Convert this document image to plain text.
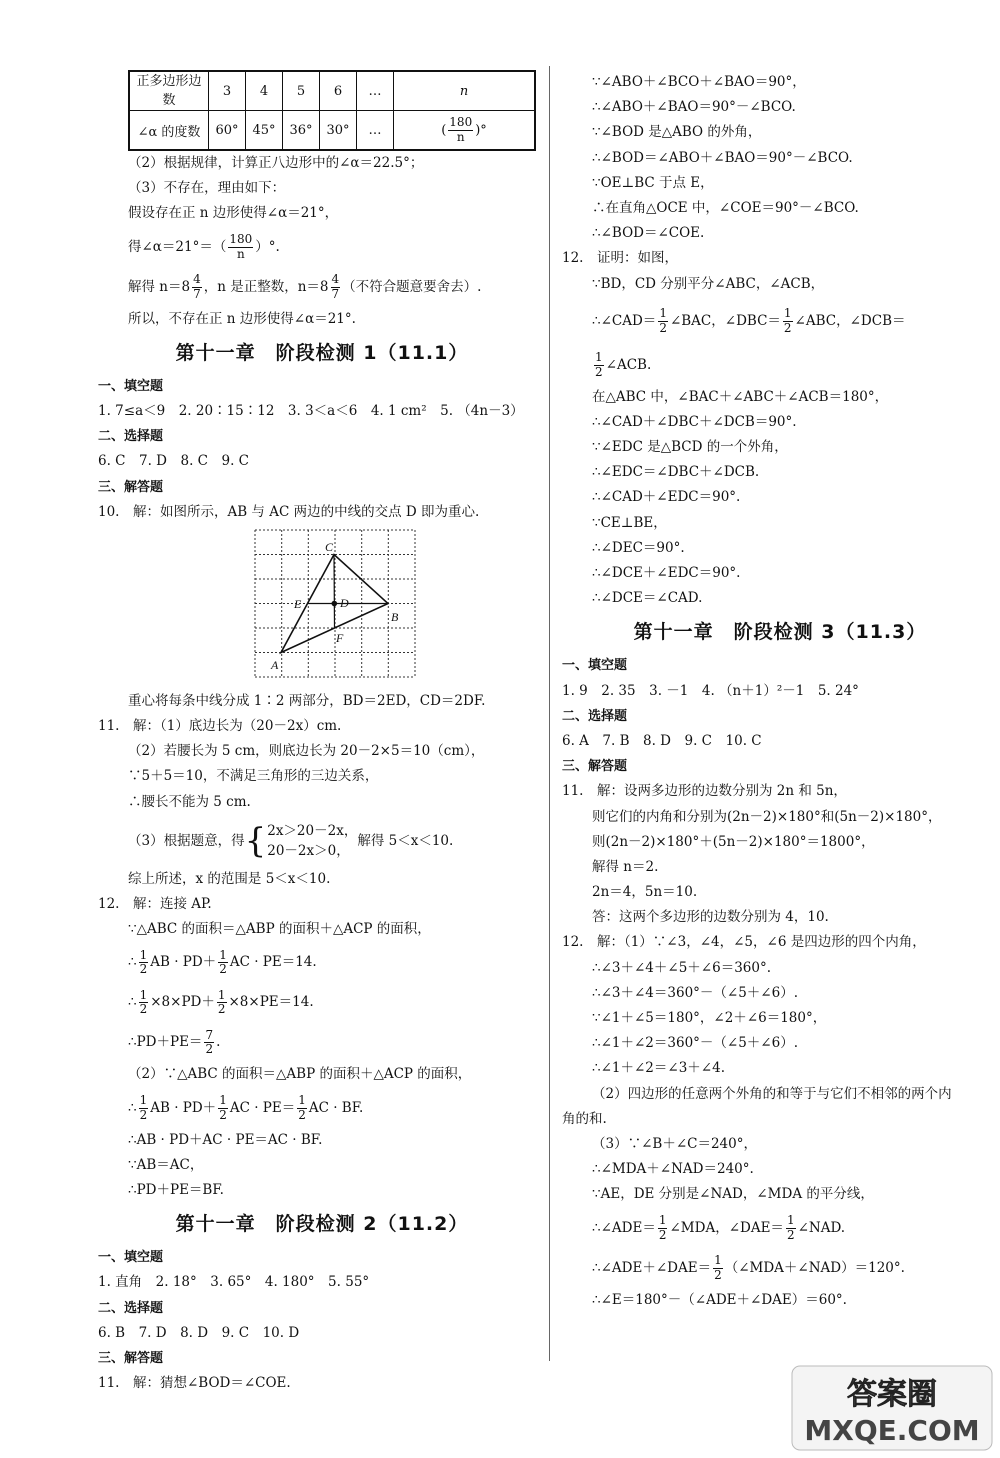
正多边形边数	3	4	5	6	…	n
∠α 的度数	60°	45°	36°	30°	…	( $\frac{180}{n}$ )°
（2）根据规律，计算正八边形中的∠α＝22.5°；
（3）不存在，理由如下：
假设存在正 n 边形使得∠α＝21°，
得∠α＝21°＝（ $\frac{180}{n}$ ）°.
解得 $n=8 \frac{4}{7}$ ，n 是正整数，$n=8 \frac{4}{7}$ （不符合题意要舍去）.
所以，不存在正 n 边形使得∠α＝21°.
第十一章　阶段检测 1（11.1）
一、填空题
1. 7≤a＜9　2. 20∶15∶12　3. 3＜a＜6　4. 1 cm²　5. （4n－3）
二、选择题
6. C　7. D　8. C　9. C
三、解答题
10.　解：如图所示，AB 与 AC 两边的中线的交点 D 即为重心.
C
E	D
B
F
A
重心将每条中线分成 1∶2 两部分，BD＝2ED，CD＝2DF.
11.　解：（1）底边长为（20－2x）cm.
（2）若腰长为 5 cm，则底边长为 20－2×5＝10（cm），
∵5＋5＝10，不满足三角形的三边关系，
∴腰长不能为 5 cm.
（3）根据题意，得{ 2x＞20－2x，
20－2x＞0，
解得 5＜x＜10.
综上所述，x 的范围是 5＜x＜10.
12.　解：连接 AP.
∵△ABC 的面积＝△ABP 的面积＋△ACP 的面积，
∴ $\frac{1}{2}$ AB · $PD+ \frac{1}{2}$ AC · PE＝14.
∴ $\frac{1}{2} \times 8\times PD+ \frac{1}{2} \times 8\times PE=14$.
∴PD＋PE＝ $\frac{7}{2}$ .
（2）∵△ABC 的面积＝△ABP 的面积＋△ACP 的面积，
∴ $\frac{1}{2}$ AB · $PD+ \frac{1}{2}$ AC · $PE= \frac{1}{2}$ AC · BF.
∴AB · PD＋AC · PE＝AC · BF.
∵AB＝AC，
∴PD＋PE＝BF.
第十一章　阶段检测 2（11.2）
一、填空题
1. 直角　2. 18°　3. 65°　4. 180°　5. 55°
二、选择题
6. B　7. D　8. D　9. C　10. D
三、解答题
11.　解：猜想∠BOD＝∠COE.
∵∠ABO＋∠BCO＋∠BAO＝90°，
∴∠ABO＋∠BAO＝90°－∠BCO.
∵∠BOD 是△ABO 的外角，
∴∠BOD＝∠ABO＋∠BAO＝90°－∠BCO.
∵OE⊥BC 于点 E，
∴在直角△OCE 中，∠COE＝90°－∠BCO.
∴∠BOD＝∠COE.
12.　证明：如图，
∵BD，CD 分别平分∠ABC，∠ACB，
∴∠CAD＝ $\frac{1}{2}$ ∠BAC，∠DBC＝ $\frac{1}{2}$ ∠ABC，∠DCB＝
$\frac{1}{2}$ ∠ACB.
在△ABC 中，∠BAC＋∠ABC＋∠ACB＝180°，
∴∠CAD＋∠DBC＋∠DCB＝90°.
∵∠EDC 是△BCD 的一个外角，
∴∠EDC＝∠DBC＋∠DCB.
∴∠CAD＋∠EDC＝90°.
∵CE⊥BE，
∴∠DEC＝90°.
∴∠DCE＋∠EDC＝90°.
∴∠DCE＝∠CAD.
第十一章　阶段检测 3（11.3）
一、填空题
1. 9　2. 35　3. －1　4. （n＋1）²－1　5. 24°
二、选择题
6. A　7. B　8. D　9. C　10. C
三、解答题
11.　解：设两多边形的边数分别为 2n 和 5n，
则它们的内角和分别为(2n－2)×180°和(5n－2)×180°，
则(2n－2)×180°＋(5n－2)×180°＝1800°，
解得 n＝2.
2n＝4，5n＝10.
答：这两个多边形的边数分别为 4，10.
12.　解：（1）∵∠3，∠4，∠5，∠6 是四边形的四个内角，
∴∠3＋∠4＋∠5＋∠6＝360°.
∴∠3＋∠4＝360°－（∠5＋∠6）.
∵∠1＋∠5＝180°，∠2＋∠6＝180°，
∴∠1＋∠2＝360°－（∠5＋∠6）.
∴∠1＋∠2＝∠3＋∠4.
（2）四边形的任意两个外角的和等于与它们不相邻的两个内
角的和.
（3）∵∠B＋∠C＝240°，
∴∠MDA＋∠NAD＝240°.
∵AE，DE 分别是∠NAD，∠MDA 的平分线，
∴∠ADE＝ $\frac{1}{2}$ ∠MDA，∠DAE＝ $\frac{1}{2}$ ∠NAD.
∴∠ADE＋∠DAE＝ $\frac{1}{2}$ （∠MDA＋∠NAD）＝120°.
∴∠E＝180°－（∠ADE＋∠DAE）＝60°.
答案圈
MXQE.COM
